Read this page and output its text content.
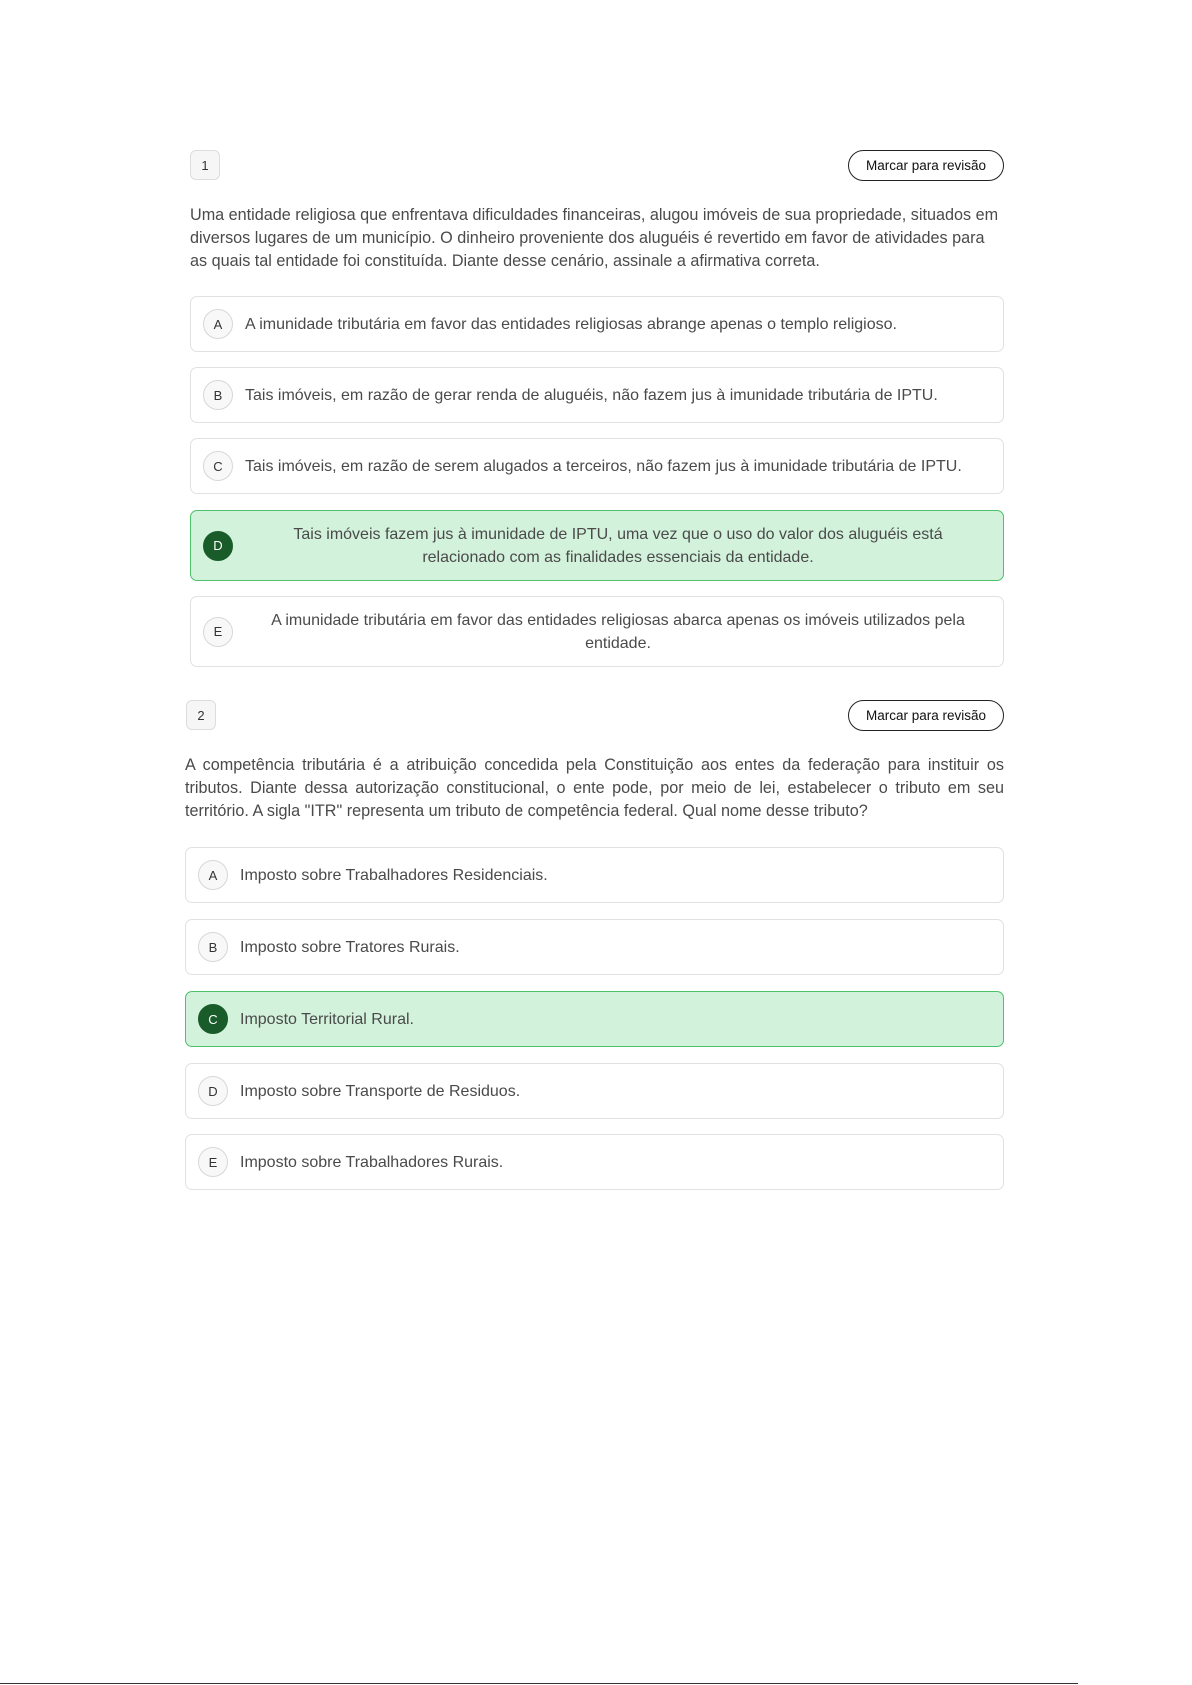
1	Marcar para revisão

Uma entidade religiosa que enfrentava dificuldades financeiras, alugou imóveis de sua propriedade, situados em diversos lugares de um município. O dinheiro proveniente dos aluguéis é revertido em favor de atividades para as quais tal entidade foi constituída. Diante desse cenário, assinale a afirmativa correta.

A	A imunidade tributária em favor das entidades religiosas abrange apenas o templo religioso.
B	Tais imóveis, em razão de gerar renda de aluguéis, não fazem jus à imunidade tributária de IPTU.
C	Tais imóveis, em razão de serem alugados a terceiros, não fazem jus à imunidade tributária de IPTU.
D
Tais imóveis fazem jus à imunidade de IPTU, uma vez que o uso do valor dos aluguéis está relacionado com as finalidades essenciais da entidade.
E
A imunidade tributária em favor das entidades religiosas abarca apenas os imóveis utilizados pela entidade.
2	Marcar para revisão

A competência tributária é a atribuição concedida pela Constituição aos entes da federação para instituir os tributos. Diante dessa autorização constitucional, o ente pode, por meio de lei, estabelecer o tributo em seu território. A sigla "ITR" representa um tributo de competência federal. Qual nome desse tributo?

A	Imposto sobre Trabalhadores Residenciais.
B	Imposto sobre Tratores Rurais.
C	Imposto Territorial Rural.
D	Imposto sobre Transporte de Residuos.
E	Imposto sobre Trabalhadores Rurais.
